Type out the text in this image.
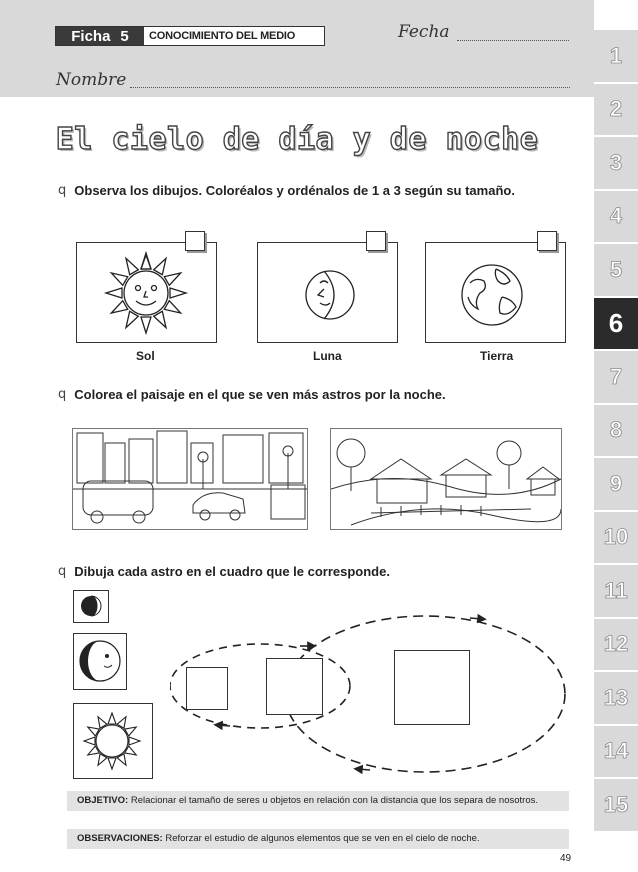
Ficha 5	CONOCIMIENTO DEL MEDIO	Fecha
Nombre
1
2
3
4
5
6
7
8
9
10
11
12
13
14
15
El cielo de día y de noche
q Observa los dibujos. Coloréalos y ordénalos de 1 a 3 según su tamaño.
Sol	Luna	Tierra
q Colorea el paisaje en el que se ven más astros por la noche.
q Dibuja cada astro en el cuadro que le corresponde.
OBJETIVO: Relacionar el tamaño de seres u objetos en relación con la distancia que los separa de nosotros.
OBSERVACIONES: Reforzar el estudio de algunos elementos que se ven en el cielo de noche.
49
